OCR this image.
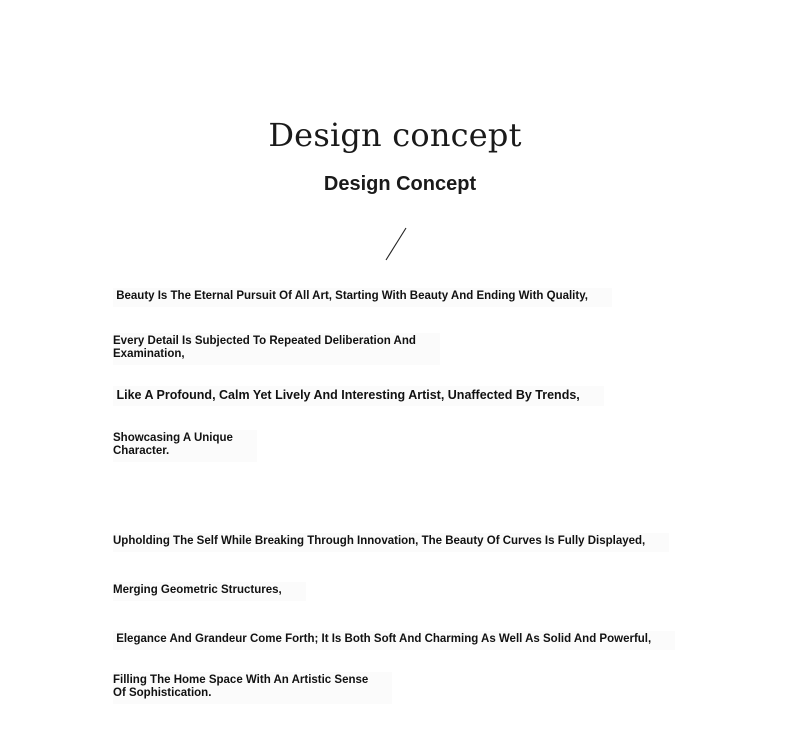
Design concept
Design Concept
Beauty Is The Eternal Pursuit Of All Art, Starting With Beauty And Ending With Quality,
Every Detail Is Subjected To Repeated Deliberation And
Examination,
Like A Profound, Calm Yet Lively And Interesting Artist, Unaffected By Trends,
Showcasing A Unique
Character.
Upholding The Self While Breaking Through Innovation, The Beauty Of Curves Is Fully Displayed,
Merging Geometric Structures,
Elegance And Grandeur Come Forth; It Is Both Soft And Charming As Well As Solid And Powerful,
Filling The Home Space With An Artistic Sense
Of Sophistication.
